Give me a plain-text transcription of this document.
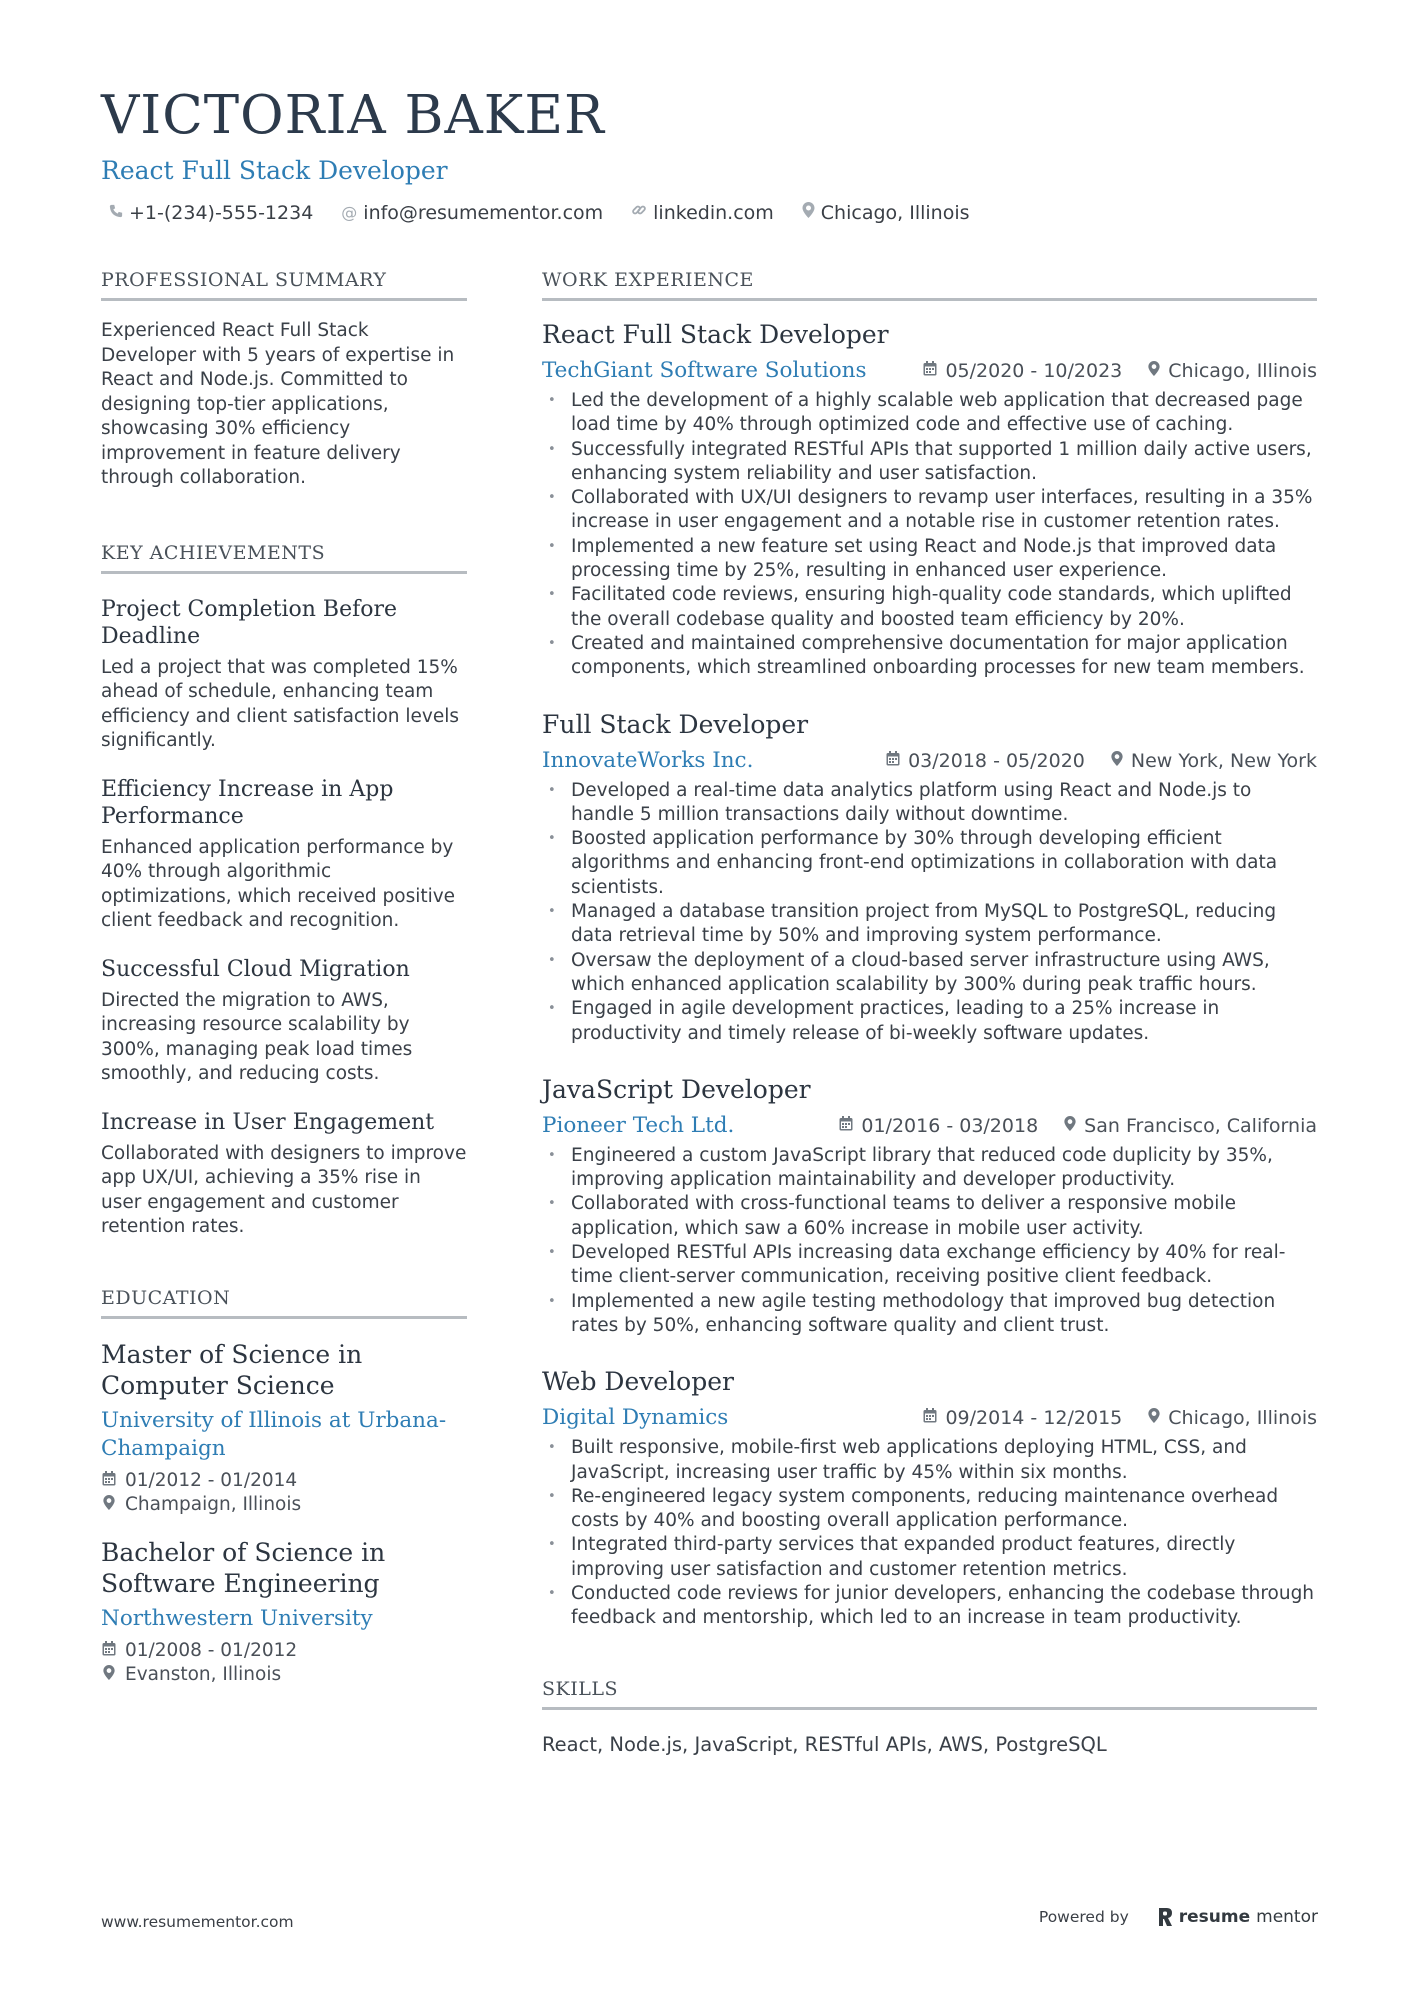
VICTORIA BAKER
React Full Stack Developer
+1-(234)-555-1234 @ info@resumementor.com	linkedin.com Chicago, Illinois
PROFESSIONAL SUMMARY

Experienced React Full Stack Developer with 5 years of expertise in React and Node.js. Committed to designing top-tier applications, showcasing 30% efficiency improvement in feature delivery through collaboration.

KEY ACHIEVEMENTS
Project Completion Before Deadline

Led a project that was completed 15% ahead of schedule, enhancing team efficiency and client satisfaction levels significantly.

Efficiency Increase in App Performance

Enhanced application performance by 40% through algorithmic optimizations, which received positive client feedback and recognition.

Successful Cloud Migration

Directed the migration to AWS, increasing resource scalability by 300%, managing peak load times smoothly, and reducing costs.

Increase in User Engagement

Collaborated with designers to improve app UX/UI, achieving a 35% rise in user engagement and customer retention rates.

EDUCATION
Master of Science in Computer Science
University of Illinois at Urbana-Champaign
01/2012 - 01/2014
Champaign, Illinois
Bachelor of Science in Software Engineering
Northwestern University
01/2008 - 01/2012
Evanston, Illinois
WORK EXPERIENCE
React Full Stack Developer
TechGiant Software Solutions	05/2020 - 10/2023 Chicago, Illinois
• Led the development of a highly scalable web application that decreased page load time by 40% through optimized code and effective use of caching.
• Successfully integrated RESTful APIs that supported 1 million daily active users, enhancing system reliability and user satisfaction.
• Collaborated with UX/UI designers to revamp user interfaces, resulting in a 35% increase in user engagement and a notable rise in customer retention rates.
• Implemented a new feature set using React and Node.js that improved data processing time by 25%, resulting in enhanced user experience.
• Facilitated code reviews, ensuring high-quality code standards, which uplifted the overall codebase quality and boosted team efficiency by 20%.
• Created and maintained comprehensive documentation for major application components, which streamlined onboarding processes for new team members.
Full Stack Developer
InnovateWorks Inc.	03/2018 - 05/2020 New York, New York
• Developed a real-time data analytics platform using React and Node.js to handle 5 million transactions daily without downtime.
• Boosted application performance by 30% through developing efficient algorithms and enhancing front-end optimizations in collaboration with data scientists.
• Managed a database transition project from MySQL to PostgreSQL, reducing data retrieval time by 50% and improving system performance.
• Oversaw the deployment of a cloud-based server infrastructure using AWS, which enhanced application scalability by 300% during peak traffic hours.
• Engaged in agile development practices, leading to a 25% increase in productivity and timely release of bi-weekly software updates.
JavaScript Developer
Pioneer Tech Ltd.	01/2016 - 03/2018 San Francisco, California
• Engineered a custom JavaScript library that reduced code duplicity by 35%, improving application maintainability and developer productivity.
• Collaborated with cross-functional teams to deliver a responsive mobile application, which saw a 60% increase in mobile user activity.
• Developed RESTful APIs increasing data exchange efficiency by 40% for real-time client-server communication, receiving positive client feedback.
• Implemented a new agile testing methodology that improved bug detection rates by 50%, enhancing software quality and client trust.
Web Developer
Digital Dynamics	09/2014 - 12/2015 Chicago, Illinois
• Built responsive, mobile-first web applications deploying HTML, CSS, and JavaScript, increasing user traffic by 45% within six months.
• Re-engineered legacy system components, reducing maintenance overhead costs by 40% and boosting overall application performance.
• Integrated third-party services that expanded product features, directly improving user satisfaction and customer retention metrics.
• Conducted code reviews for junior developers, enhancing the codebase through feedback and mentorship, which led to an increase in team productivity.
SKILLS
React, Node.js, JavaScript, RESTful APIs, AWS, PostgreSQL
www.resumementor.com	Powered by	resume mentor
